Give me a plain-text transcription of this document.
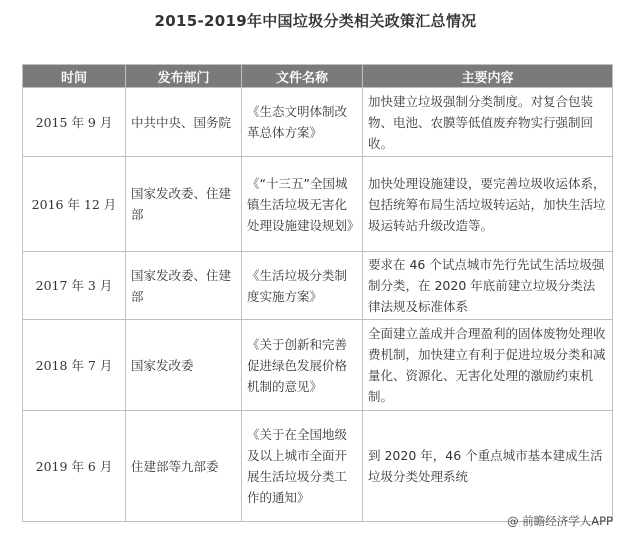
2015-2019年中国垃圾分类相关政策汇总情况
时间	发布部门	文件名称	主要内容
2015 年 9 月	中共中央、国务院	《生态文明体制改革总体方案》	加快建立垃圾强制分类制度。对复合包装物、电池、农膜等低值废弃物实行强制回收。
2016 年 12 月	国家发改委、住建部	《“十三五”全国城镇生活垃圾无害化处理设施建设规划》	加快处理设施建设，要完善垃圾收运体系，包括统筹布局生活垃圾转运站，加快生活垃圾运转站升级改造等。
2017 年 3 月	国家发改委、住建部	《生活垃圾分类制度实施方案》	要求在 46 个试点城市先行先试生活垃圾强制分类，在 2020 年底前建立垃圾分类法律法规及标准体系
2018 年 7 月	国家发改委	《关于创新和完善促进绿色发展价格机制的意见》	全面建立盖成并合理盈利的固体废物处理收费机制，加快建立有利于促进垃圾分类和减量化、资源化、无害化处理的激励约束机制。
2019 年 6 月	住建部等九部委	《关于在全国地级及以上城市全面开展生活垃圾分类工作的通知》	到 2020 年，46 个重点城市基本建成生活垃圾分类处理系统
@ 前瞻经济学人APP
